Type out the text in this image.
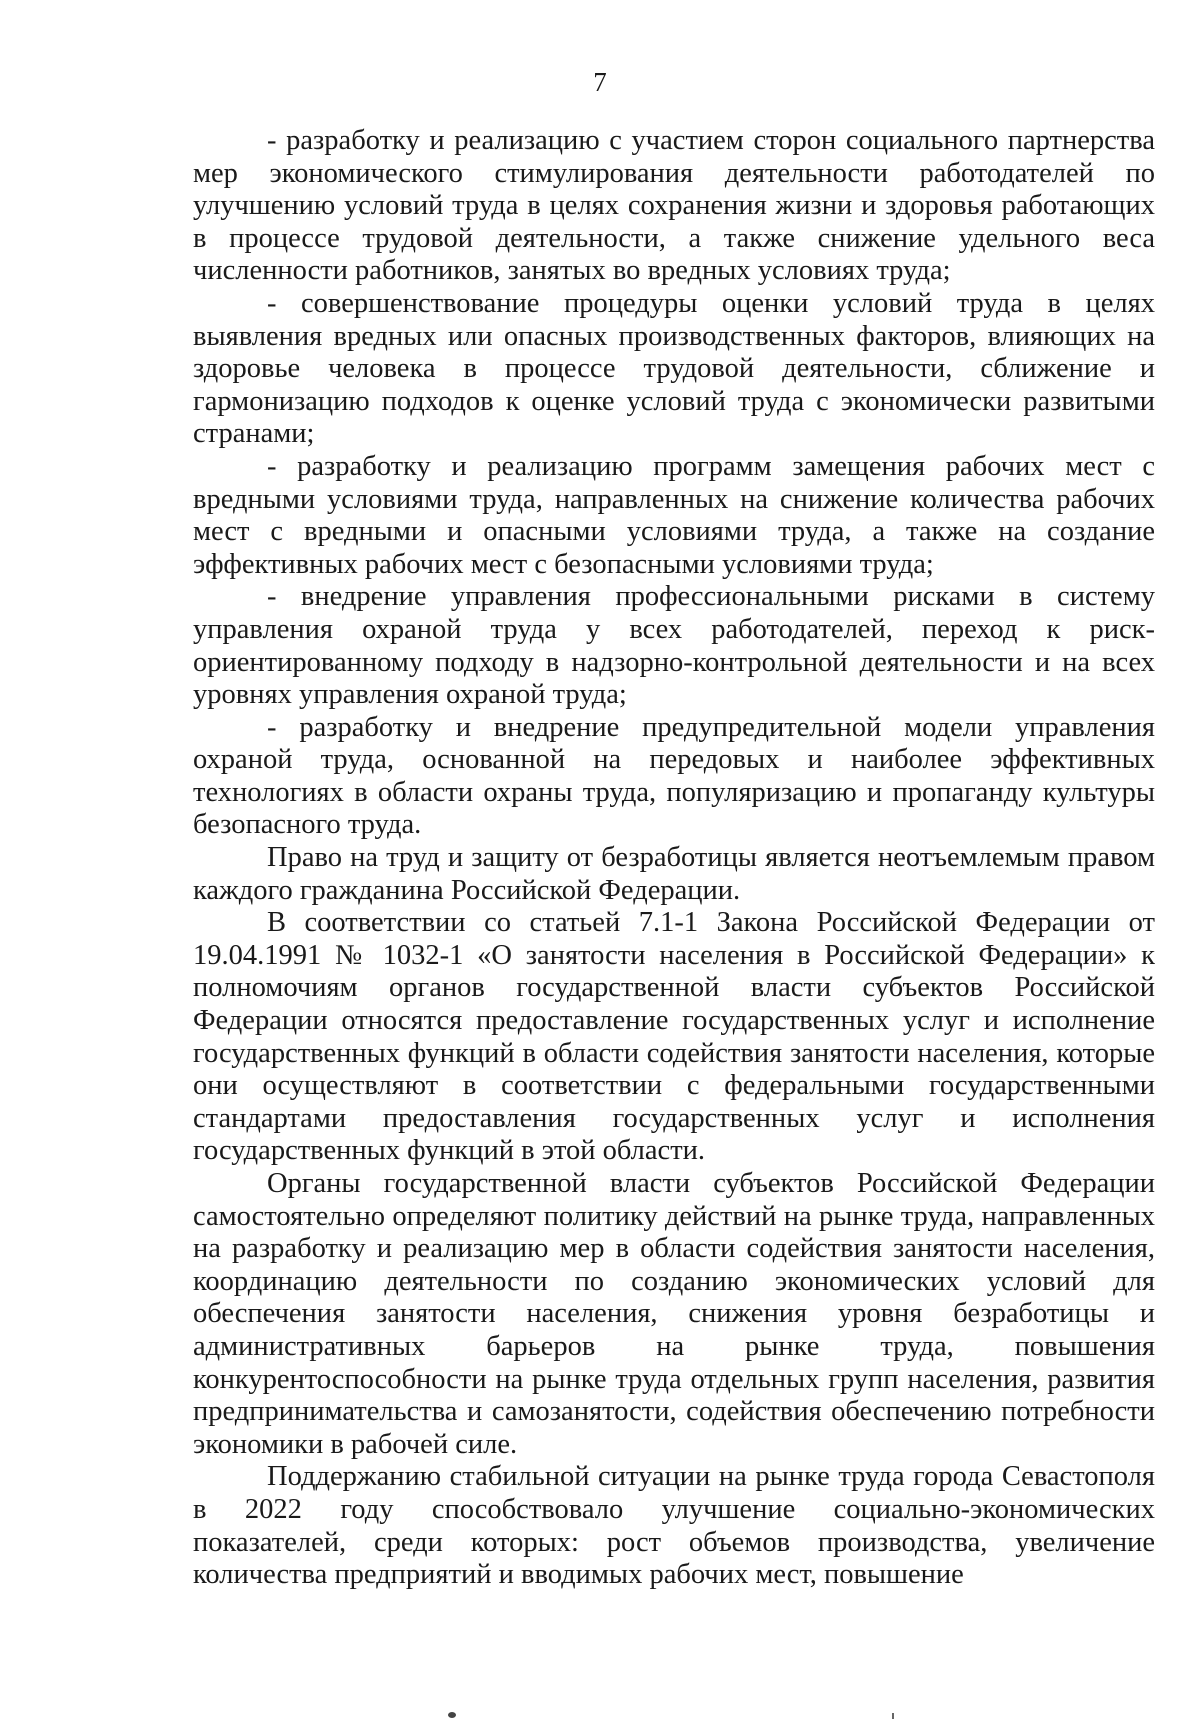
7

- разработку и реализацию с участием сторон социального партнерства мер экономического стимулирования деятельности работодателей по улучшению условий труда в целях сохранения жизни и здоровья работающих в процессе трудовой деятельности, а также снижение удельного веса численности работников, занятых во вредных условиях труда;

- совершенствование процедуры оценки условий труда в целях выявления вредных или опасных производственных факторов, влияющих на здоровье человека в процессе трудовой деятельности, сближение и гармонизацию подходов к оценке условий труда с экономически развитыми странами;

- разработку и реализацию программ замещения рабочих мест с вредными условиями труда, направленных на снижение количества рабочих мест с вредными и опасными условиями труда, а также на создание эффективных рабочих мест с безопасными условиями труда;

- внедрение управления профессиональными рисками в систему управления охраной труда у всех работодателей, переход к риск-ориентированному подходу в надзорно-контрольной деятельности и на всех уровнях управления охраной труда;

- разработку и внедрение предупредительной модели управления охраной труда, основанной на передовых и наиболее эффективных технологиях в области охраны труда, популяризацию и пропаганду культуры безопасного труда.

Право на труд и защиту от безработицы является неотъемлемым правом каждого гражданина Российской Федерации.

В соответствии со статьей 7.1-1 Закона Российской Федерации от 19.04.1991 № 1032-1 «О занятости населения в Российской Федерации» к полномочиям органов государственной власти субъектов Российской Федерации относятся предоставление государственных услуг и исполнение государственных функций в области содействия занятости населения, которые они осуществляют в соответствии с федеральными государственными стандартами предоставления государственных услуг и исполнения государственных функций в этой области.

Органы государственной власти субъектов Российской Федерации самостоятельно определяют политику действий на рынке труда, направленных на разработку и реализацию мер в области содействия занятости населения, координацию деятельности по созданию экономических условий для обеспечения занятости населения, снижения уровня безработицы и административных барьеров на рынке труда, повышения конкурентоспособности на рынке труда отдельных групп населения, развития предпринимательства и самозанятости, содействия обеспечению потребности экономики в рабочей силе.

Поддержанию стабильной ситуации на рынке труда города Севастополя в 2022 году способствовало улучшение социально-экономических показателей, среди которых: рост объемов производства, увеличение количества предприятий и вводимых рабочих мест, повышение
